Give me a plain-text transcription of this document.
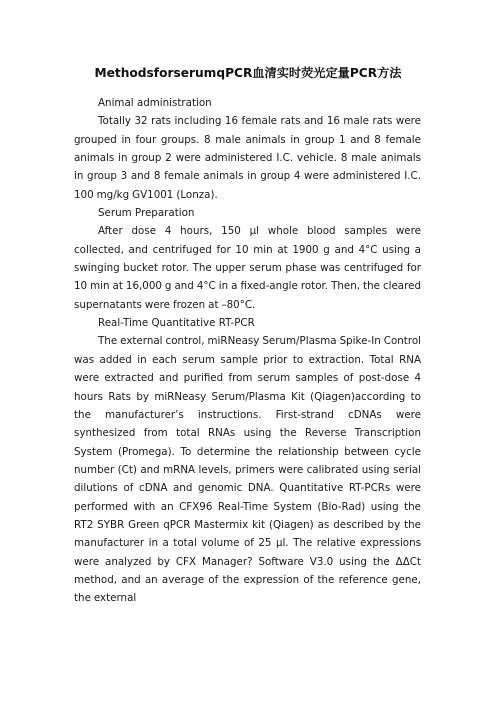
MethodsforserumqPCR血清实时荧光定量PCR方法

Animal administration

Totally 32 rats including 16 female rats and 16 male rats were grouped in four groups. 8 male animals in group 1 and 8 female animals in group 2 were administered I.C. vehicle. 8 male animals in group 3 and 8 female animals in group 4 were administered I.C. 100 mg/kg GV1001 (Lonza).

Serum Preparation

After dose 4 hours, 150 µl whole blood samples were collected, and centrifuged for 10 min at 1900 g and 4°C using a swinging bucket rotor. The upper serum phase was centrifuged for 10 min at 16,000 g and 4°C in a fixed-angle rotor. Then, the cleared supernatants were frozen at –80°C.

Real-Time Quantitative RT-PCR

The external control, miRNeasy Serum/Plasma Spike-In Control was added in each serum sample prior to extraction. Total RNA were extracted and purified from serum samples of post-dose 4 hours Rats by miRNeasy Serum/Plasma Kit (Qiagen)according to the manufacturer’s instructions. First-strand cDNAs were synthesized from total RNAs using the Reverse Transcription System (Promega). To determine the relationship between cycle number (Ct) and mRNA levels, primers were calibrated using serial dilutions of cDNA and genomic DNA. Quantitative RT-PCRs were performed with an CFX96 Real-Time System (Bio-Rad) using the RT2 SYBR Green qPCR Mastermix kit (Qiagen) as described by the manufacturer in a total volume of 25 µl. The relative expressions were analyzed by CFX Manager? Software V3.0 using the ΔΔCt method, and an average of the expression of the reference gene, the external
